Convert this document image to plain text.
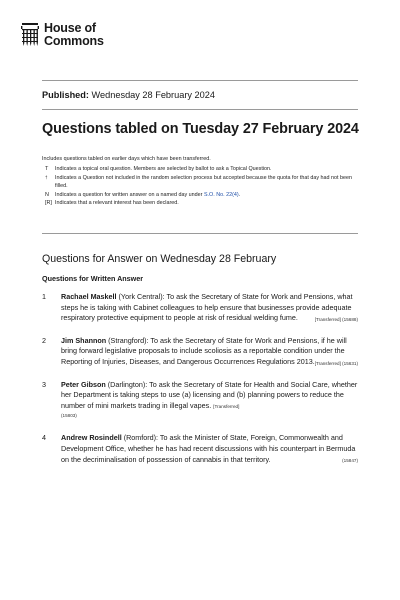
House of
Commons
Published: Wednesday 28 February 2024
Questions tabled on Tuesday 27 February 2024
Includes questions tabled on earlier days which have been transferred.
T	Indicates a topical oral question. Members are selected by ballot to ask a Topical Question.
†	Indicates a Question not included in the random selection process but accepted because the quota for that day had not been filled.
N	Indicates a question for written answer on a named day under S.O. No. 22(4).
[R] Indicates that a relevant interest has been declared.
Questions for Answer on Wednesday 28 February
Questions for Written Answer
1	Rachael Maskell (York Central): To ask the Secretary of State for Work and Pensions, what steps he is taking with Cabinet colleagues to help ensure that businesses provide adequate respiratory protective equipment to people at risk of residual welding fume.	[Transferred] (15688)
2	Jim Shannon (Strangford): To ask the Secretary of State for Work and Pensions, if he will bring forward legislative proposals to include scoliosis as a reportable condition under the Reporting of Injuries, Diseases, and Dangerous Occurrences Regulations 2013. [Transferred] (15631)
3	Peter Gibson (Darlington): To ask the Secretary of State for Health and Social Care, whether her Department is taking steps to use (a) licensing and (b) planning powers to reduce the number of mini markets trading in illegal vapes. [Transferred]
(15803)
4	Andrew Rosindell (Romford): To ask the Minister of State, Foreign, Commonwealth and Development Office, whether he has had recent discussions with his counterpart in Bermuda on the decriminalisation of possession of cannabis in that territory.	(15847)
